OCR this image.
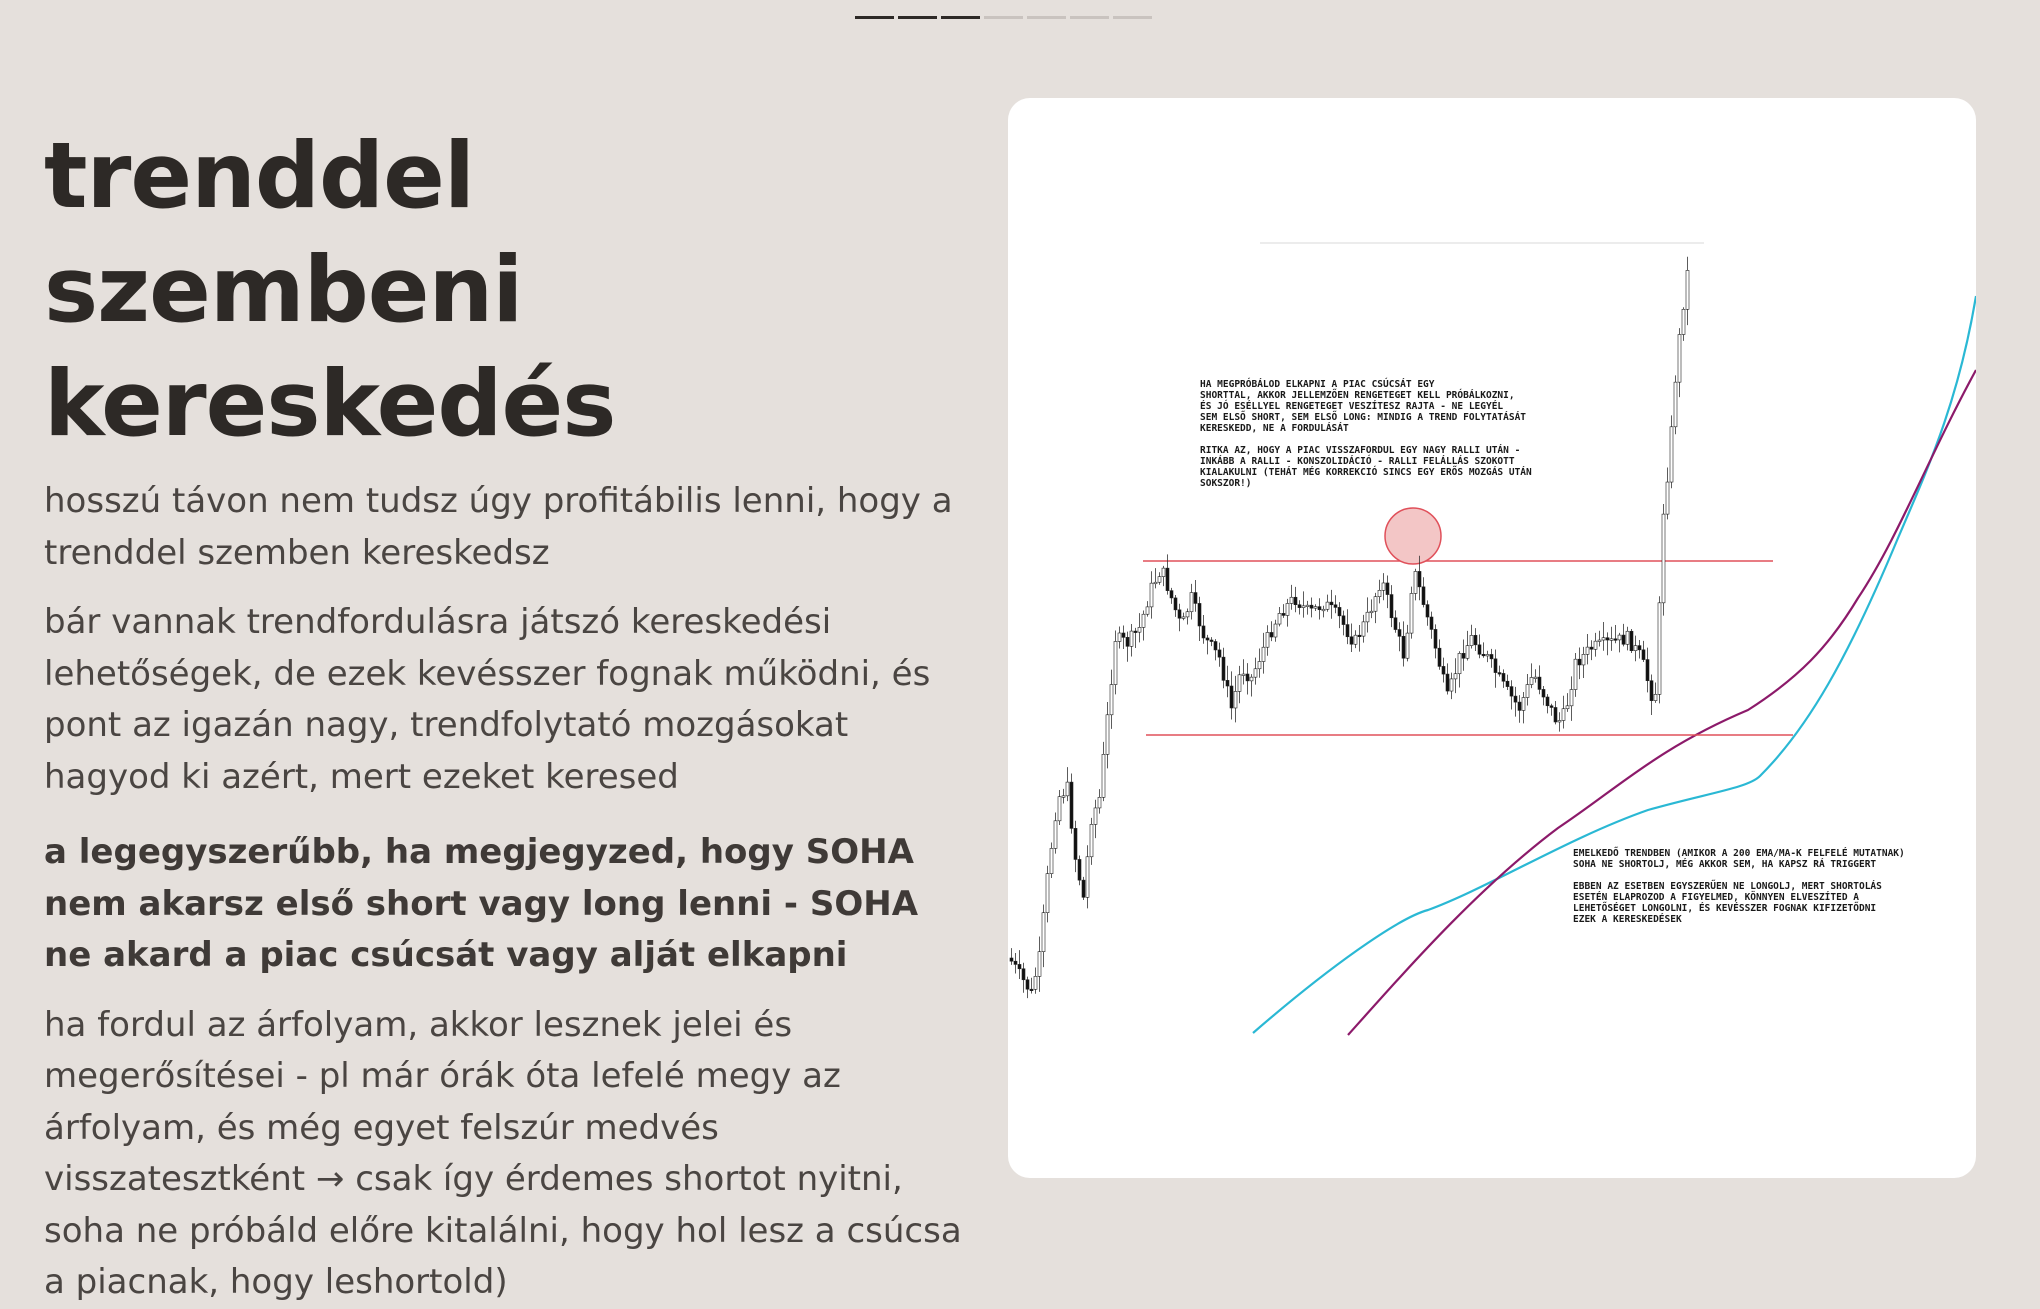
trenddel szembeni
kereskedés

hosszú távon nem tudsz úgy profitábilis lenni, hogy a trenddel szemben kereskedsz

bár vannak trendfordulásra játszó kereskedési lehetőségek, de ezek kevésszer fognak működni, és pont az igazán nagy, trendfolytató mozgásokat hagyod ki azért, mert ezeket keresed

a legegyszerűbb, ha megjegyzed, hogy SOHA nem akarsz első short vagy long lenni - SOHA ne akard a piac csúcsát vagy alját elkapni

ha fordul az árfolyam, akkor lesznek jelei és megerősítései - pl már órák óta lefelé megy az árfolyam, és még egyet felszúr medvés visszatesztként → csak így érdemes shortot nyitni, soha ne próbáld előre kitalálni, hogy hol lesz a csúcsa a piacnak, hogy leshortold)

HA MEGPRÓBÁLOD ELKAPNI A PIAC CSÚCSÁT EGY
SHORTTAL, AKKOR JELLEMZŐEN RENGETEGET KELL PRÓBÁLKOZNI,
ÉS JÓ ESÉLLYEL RENGETEGET VESZÍTESZ RAJTA - NE LEGYÉL
SEM ELSŐ SHORT, SEM ELSŐ LONG: MINDIG A TREND FOLYTATÁSÁT
KERESKEDD, NE A FORDULÁSÁT

RITKA AZ, HOGY A PIAC VISSZAFORDUL EGY NAGY RALLI UTÁN -
INKÁBB A RALLI - KONSZOLIDÁCIÓ - RALLI FELÁLLÁS SZOKOTT
KIALAKULNI (TEHÁT MÉG KORREKCIÓ SINCS EGY ERŐS MOZGÁS UTÁN
SOKSZOR!)
EMELKEDŐ TRENDBEN (AMIKOR A 200 EMA/MA-K FELFELÉ MUTATNAK)
SOHA NE SHORTOLJ, MÉG AKKOR SEM, HA KAPSZ RÁ TRIGGERT

EBBEN AZ ESETBEN EGYSZERŰEN NE LONGOLJ, MERT SHORTOLÁS
ESETÉN ELAPROZOD A FIGYELMED, KÖNNYEN ELVESZÍTED A
LEHETŐSÉGET LONGOLNI, ÉS KEVÉSSZER FOGNAK KIFIZETŐDNI
EZEK A KERESKEDÉSEK
